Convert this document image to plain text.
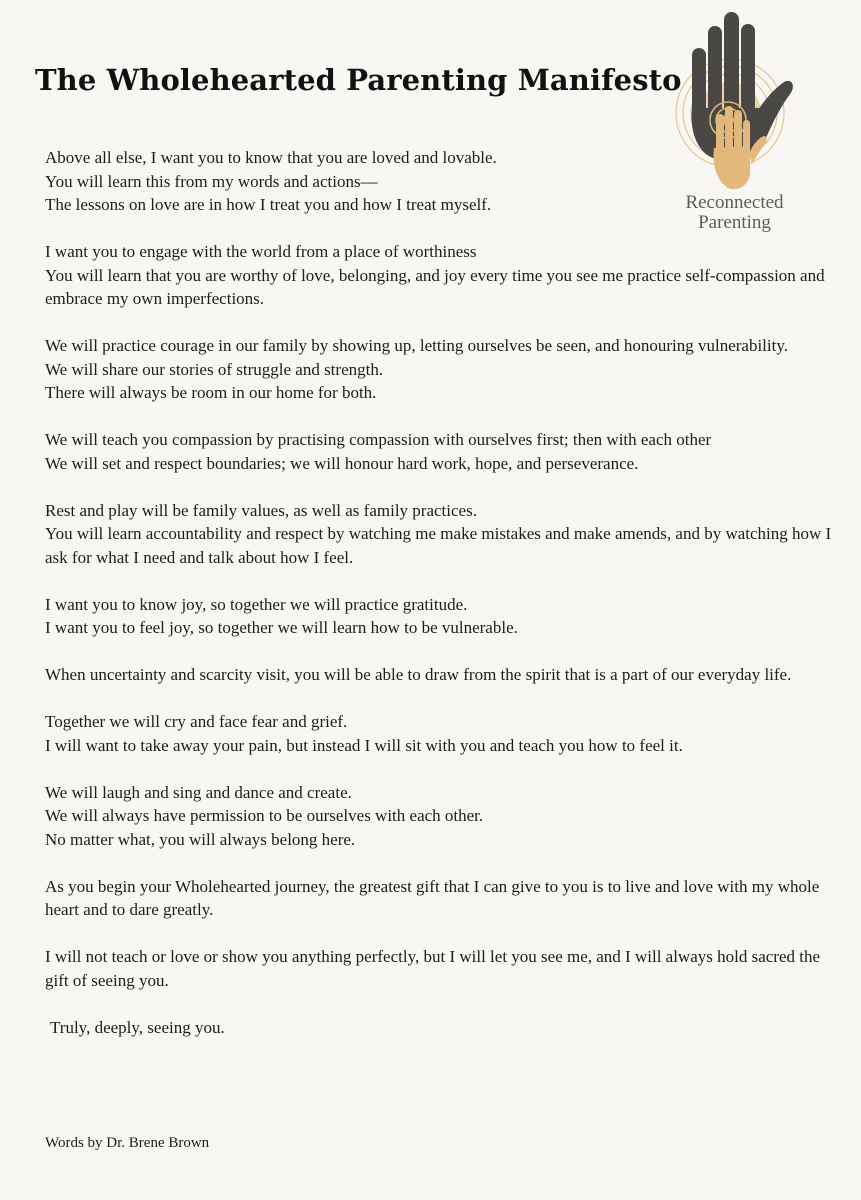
The Wholehearted Parenting Manifesto
Reconnected
Parenting

Above all else, I want you to know that you are loved and lovable.
You will learn this from my words and actions—
The lessons on love are in how I treat you and how I treat myself.

I want you to engage with the world from a place of worthiness
You will learn that you are worthy of love, belonging, and joy every time you see me practice self-compassion and embrace my own imperfections.

We will practice courage in our family by showing up, letting ourselves be seen, and honouring vulnerability.
We will share our stories of struggle and strength.
There will always be room in our home for both.

We will teach you compassion by practising compassion with ourselves first; then with each other
We will set and respect boundaries; we will honour hard work, hope, and perseverance.

Rest and play will be family values, as well as family practices.
You will learn accountability and respect by watching me make mistakes and make amends, and by watching how I ask for what I need and talk about how I feel.

I want you to know joy, so together we will practice gratitude.
I want you to feel joy, so together we will learn how to be vulnerable.

When uncertainty and scarcity visit, you will be able to draw from the spirit that is a part of our everyday life.

Together we will cry and face fear and grief.
I will want to take away your pain, but instead I will sit with you and teach you how to feel it.

We will laugh and sing and dance and create.
We will always have permission to be ourselves with each other.
No matter what, you will always belong here.

As you begin your Wholehearted journey, the greatest gift that I can give to you is to live and love with my whole heart and to dare greatly.

I will not teach or love or show you anything perfectly, but I will let you see me, and I will always hold sacred the gift of seeing you.

Truly, deeply, seeing you.

Words by Dr. Brene Brown
